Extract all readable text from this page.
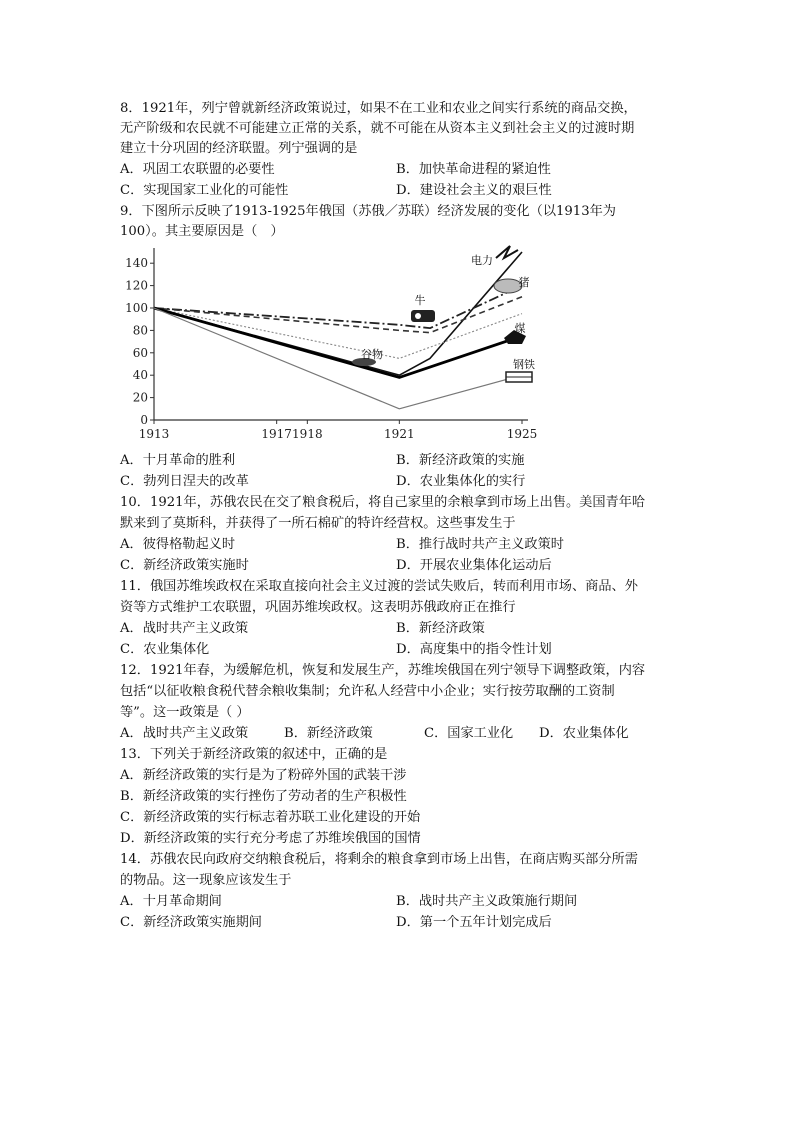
8．1921年，列宁曾就新经济政策说过，如果不在工业和农业之间实行系统的商品交换，
无产阶级和农民就不可能建立正常的关系，就不可能在从资本主义到社会主义的过渡时期
建立十分巩固的经济联盟。列宁强调的是
A．巩固工农联盟的必要性	B．加快革命进程的紧迫性
C．实现国家工业化的可能性	D．建设社会主义的艰巨性
9．下图所示反映了1913-1925年俄国（苏俄／苏联）经济发展的变化（以1913年为
100）。其主要原因是（　）
0
20
40
60
80
100
120
140
1913	1917 1918	1921	1925
电力
猪
牛
谷物
煤
钢铁
A．十月革命的胜利	B．新经济政策的实施
C．勃列日涅夫的改革	D．农业集体化的实行
10．1921年，苏俄农民在交了粮食税后，将自己家里的余粮拿到市场上出售。美国青年哈
默来到了莫斯科，并获得了一所石棉矿的特许经营权。这些事发生于
A．彼得格勒起义时	B．推行战时共产主义政策时
C．新经济政策实施时	D．开展农业集体化运动后
11．俄国苏维埃政权在采取直接向社会主义过渡的尝试失败后，转而利用市场、商品、外
资等方式维护工农联盟，巩固苏维埃政权。这表明苏俄政府正在推行
A．战时共产主义政策	B．新经济政策
C．农业集体化	D．高度集中的指令性计划
12．1921年春，为缓解危机，恢复和发展生产，苏维埃俄国在列宁领导下调整政策，内容
包括“以征收粮食税代替余粮收集制；允许私人经营中小企业；实行按劳取酬的工资制
等”。这一政策是（ ）
A．战时共产主义政策	B．新经济政策	C．国家工业化 D．农业集体化
13．下列关于新经济政策的叙述中，正确的是
A．新经济政策的实行是为了粉碎外国的武装干涉
B．新经济政策的实行挫伤了劳动者的生产积极性
C．新经济政策的实行标志着苏联工业化建设的开始
D．新经济政策的实行充分考虑了苏维埃俄国的国情
14．苏俄农民向政府交纳粮食税后，将剩余的粮食拿到市场上出售，在商店购买部分所需
的物品。这一现象应该发生于
A．十月革命期间	B．战时共产主义政策施行期间
C．新经济政策实施期间	D．第一个五年计划完成后
